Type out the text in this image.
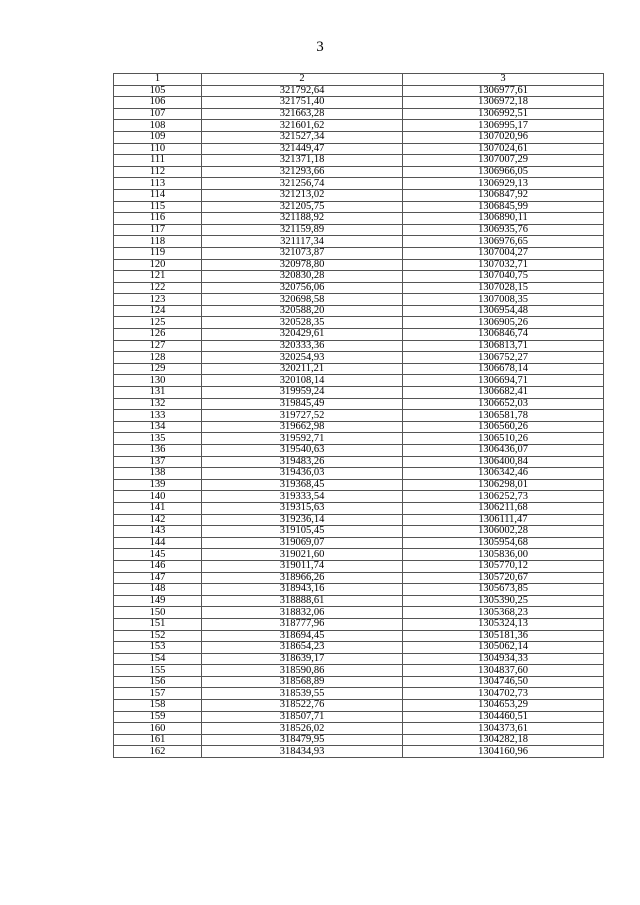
3
1	2	3
105	321792,64	1306977,61
106	321751,40	1306972,18
107	321663,28	1306992,51
108	321601,62	1306995,17
109	321527,34	1307020,96
110	321449,47	1307024,61
111	321371,18	1307007,29
112	321293,66	1306966,05
113	321256,74	1306929,13
114	321213,02	1306847,92
115	321205,75	1306845,99
116	321188,92	1306890,11
117	321159,89	1306935,76
118	321117,34	1306976,65
119	321073,87	1307004,27
120	320978,80	1307032,71
121	320830,28	1307040,75
122	320756,06	1307028,15
123	320698,58	1307008,35
124	320588,20	1306954,48
125	320528,35	1306905,26
126	320429,61	1306846,74
127	320333,36	1306813,71
128	320254,93	1306752,27
129	320211,21	1306678,14
130	320108,14	1306694,71
131	319959,24	1306682,41
132	319845,49	1306652,03
133	319727,52	1306581,78
134	319662,98	1306560,26
135	319592,71	1306510,26
136	319540,63	1306436,07
137	319483,26	1306400,84
138	319436,03	1306342,46
139	319368,45	1306298,01
140	319333,54	1306252,73
141	319315,63	1306211,68
142	319236,14	1306111,47
143	319105,45	1306002,28
144	319069,07	1305954,68
145	319021,60	1305836,00
146	319011,74	1305770,12
147	318966,26	1305720,67
148	318943,16	1305673,85
149	318888,61	1305390,25
150	318832,06	1305368,23
151	318777,96	1305324,13
152	318694,45	1305181,36
153	318654,23	1305062,14
154	318639,17	1304934,33
155	318590,86	1304837,60
156	318568,89	1304746,50
157	318539,55	1304702,73
158	318522,76	1304653,29
159	318507,71	1304460,51
160	318526,02	1304373,61
161	318479,95	1304282,18
162	318434,93	1304160,96
